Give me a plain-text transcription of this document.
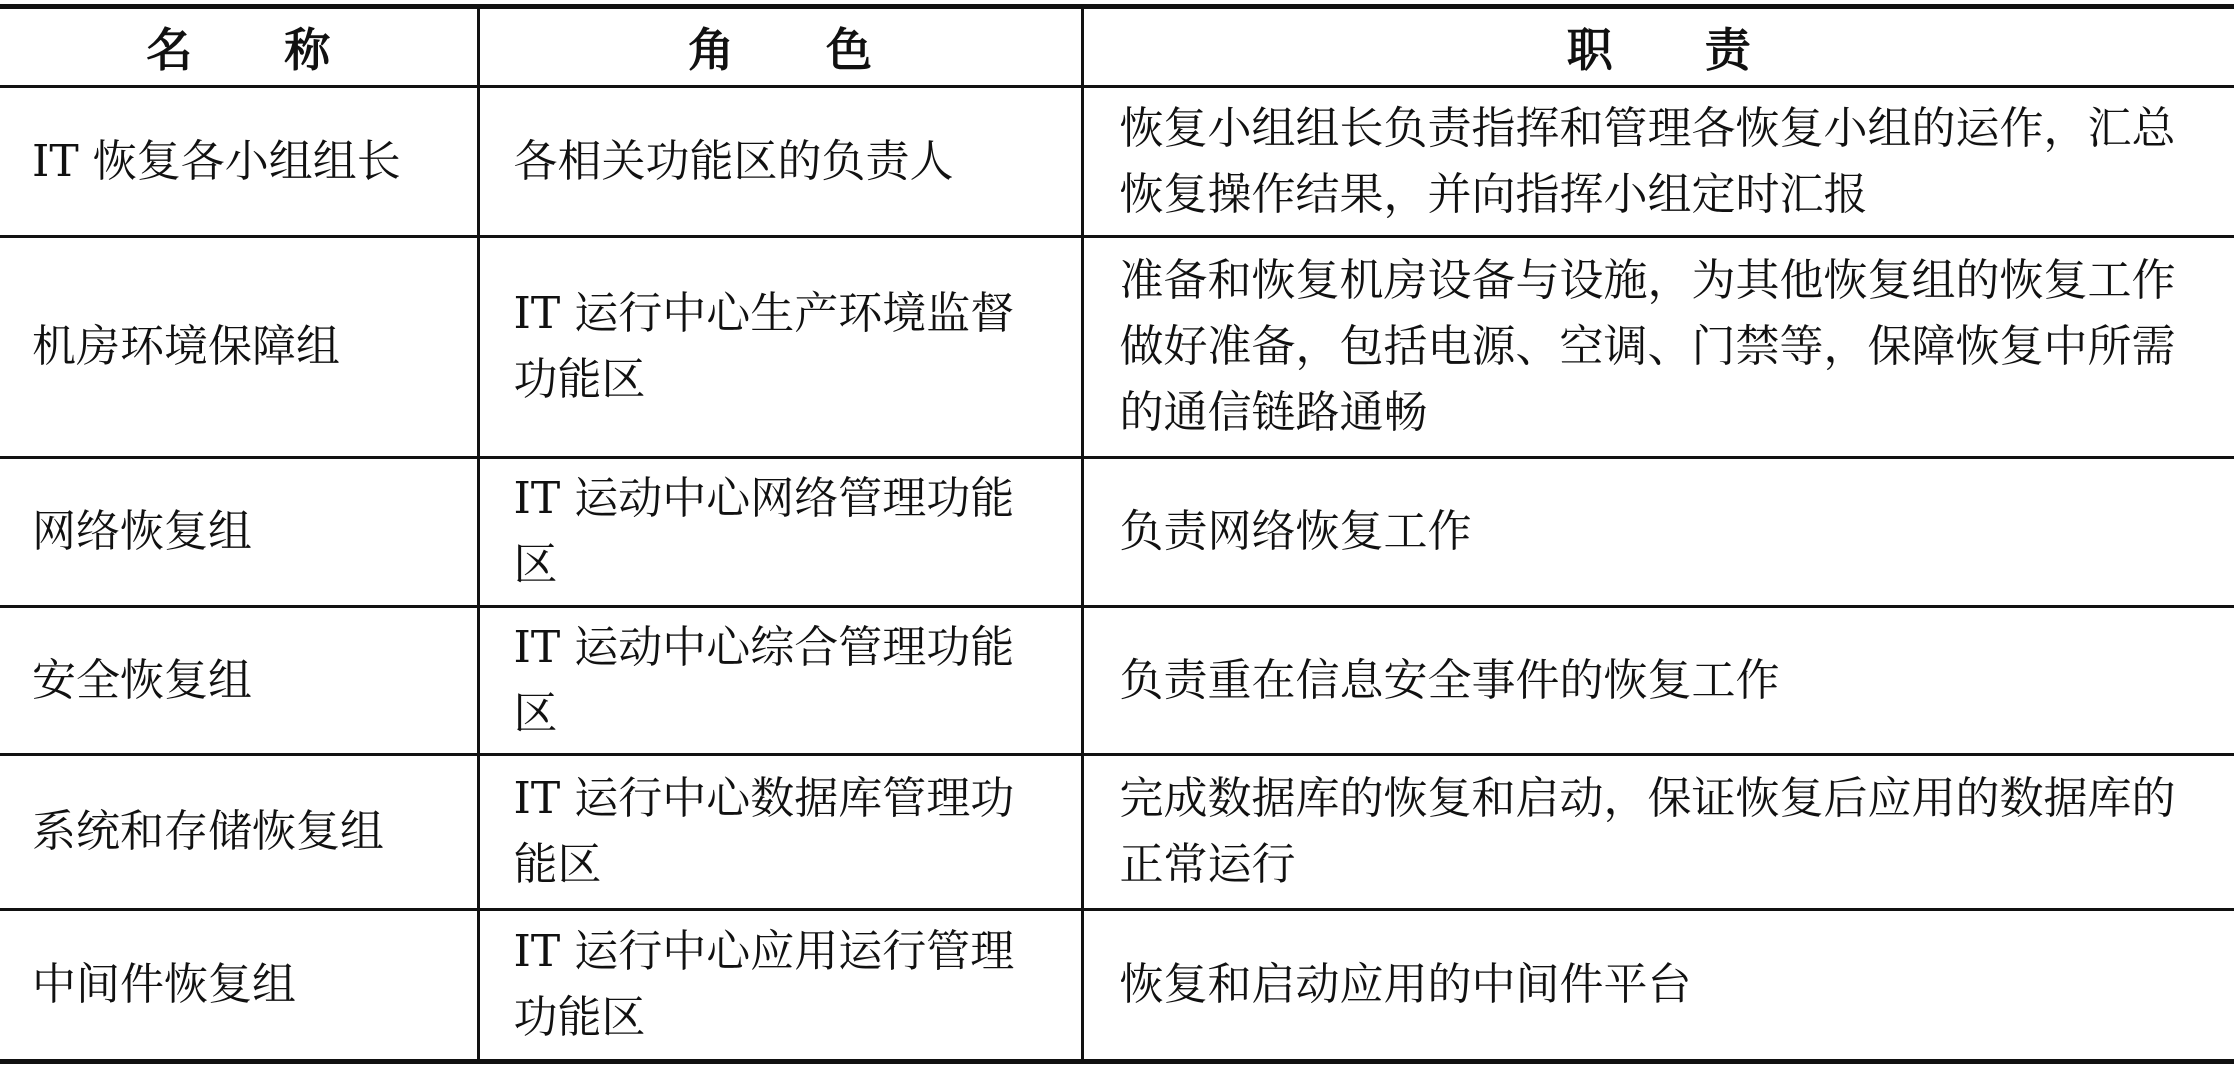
名　　称	角　　色	职　　责
IT 恢复各小组组长	各相关功能区的负责人	恢复小组组长负责指挥和管理各恢复小组的运作，汇总恢复操作结果，并向指挥小组定时汇报
机房环境保障组	IT 运行中心生产环境监督功能区	准备和恢复机房设备与设施，为其他恢复组的恢复工作做好准备，包括电源、空调、门禁等，保障恢复中所需的通信链路通畅
网络恢复组	IT 运动中心网络管理功能区	负责网络恢复工作
安全恢复组	IT 运动中心综合管理功能区	负责重在信息安全事件的恢复工作
系统和存储恢复组	IT 运行中心数据库管理功能区	完成数据库的恢复和启动，保证恢复后应用的数据库的正常运行
中间件恢复组	IT 运行中心应用运行管理功能区	恢复和启动应用的中间件平台
